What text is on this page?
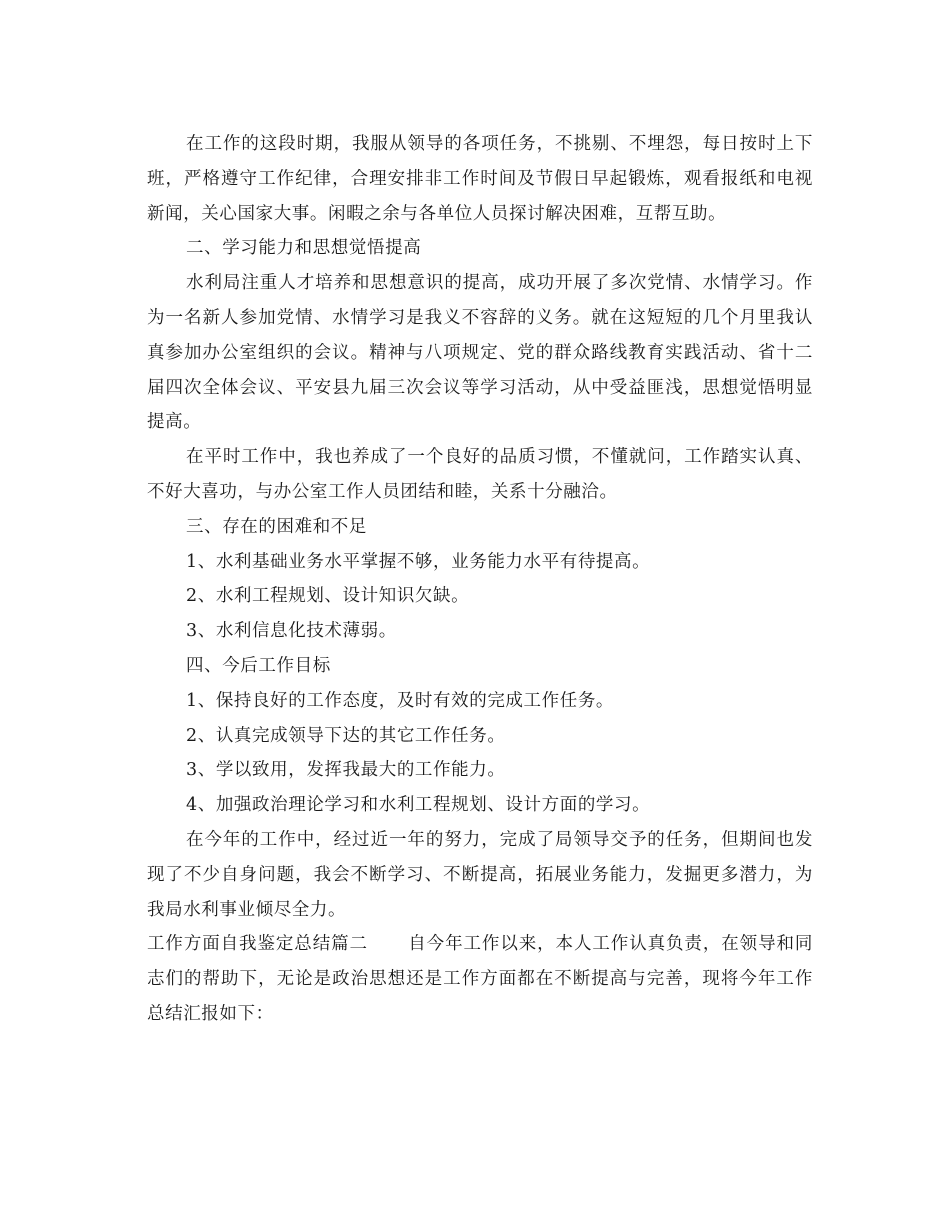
在工作的这段时期，我服从领导的各项任务，不挑剔、不埋怨，每日按时上下班，严格遵守工作纪律，合理安排非工作时间及节假日早起锻炼，观看报纸和电视新闻，关心国家大事。闲暇之余与各单位人员探讨解决困难，互帮互助。

二、学习能力和思想觉悟提高

水利局注重人才培养和思想意识的提高，成功开展了多次党情、水情学习。作为一名新人参加党情、水情学习是我义不容辞的义务。就在这短短的几个月里我认真参加办公室组织的会议。精神与八项规定、党的群众路线教育实践活动、省十二届四次全体会议、平安县九届三次会议等学习活动，从中受益匪浅，思想觉悟明显提高。

在平时工作中，我也养成了一个良好的品质习惯，不懂就问，工作踏实认真、不好大喜功，与办公室工作人员团结和睦，关系十分融洽。

三、存在的困难和不足

1、水利基础业务水平掌握不够，业务能力水平有待提高。

2、水利工程规划、设计知识欠缺。

3、水利信息化技术薄弱。

四、今后工作目标

1、保持良好的工作态度，及时有效的完成工作任务。

2、认真完成领导下达的其它工作任务。

3、学以致用，发挥我最大的工作能力。

4、加强政治理论学习和水利工程规划、设计方面的学习。

在今年的工作中，经过近一年的努力，完成了局领导交予的任务，但期间也发现了不少自身问题，我会不断学习、不断提高，拓展业务能力，发掘更多潜力，为我局水利事业倾尽全力。

工作方面自我鉴定总结篇二 自今年工作以来，本人工作认真负责，在领导和同志们的帮助下，无论是政治思想还是工作方面都在不断提高与完善，现将今年工作总结汇报如下：
